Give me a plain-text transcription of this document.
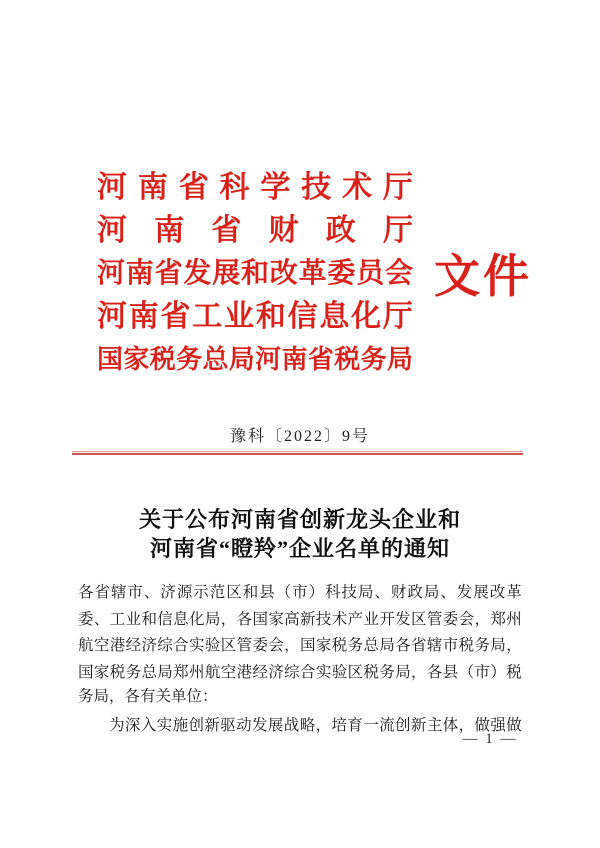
河 南 省 科 学 技 术 厅
河 南 省 财 政 厅
河 南 省 发 展 和 改 革 委 员 会
河 南 省 工 业 和 信 息 化 厅
国 家 税 务 总 局 河 南 省 税 务 局
文件
豫科〔2022〕9号
关于公布河南省创新龙头企业和
河南省“瞪羚”企业名单的通知
各 省 辖 市 、 济 源 示 范 区 和 县 （ 市 ） 科 技 局 、 财 政 局 、 发 展 改 革
委 、 工 业 和 信 息 化 局 ， 各 国 家 高 新 技 术 产 业 开 发 区 管 委 会 ， 郑 州
航 空 港 经 济 综 合 实 验 区 管 委 会 ， 国 家 税 务 总 局 各 省 辖 市 税 务 局 ，
国 家 税 务 总 局 郑 州 航 空 港 经 济 综 合 实 验 区 税 务 局 ， 各 县 （ 市 ） 税
务局，各有关单位：
为 深 入 实 施 创 新 驱 动 发 展 战 略 ， 培 育 一 流 创 新 主 体 ， 做 强 做
— 1 —
